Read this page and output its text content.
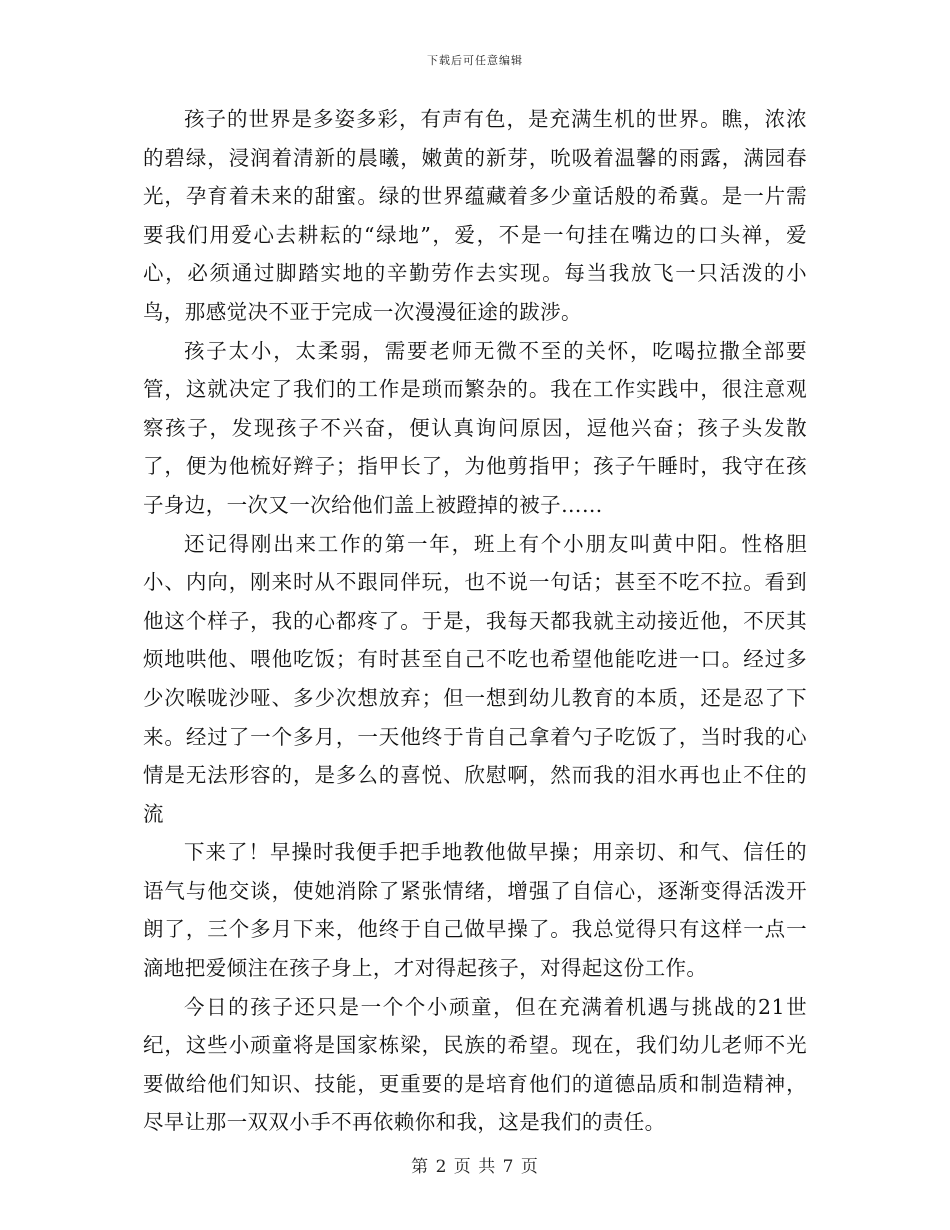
下载后可任意编辑

孩子的世界是多姿多彩，有声有色，是充满生机的世界。瞧，浓浓的碧绿，浸润着清新的晨曦，嫩黄的新芽，吮吸着温馨的雨露，满园春光，孕育着未来的甜蜜。绿的世界蕴藏着多少童话般的希冀。是一片需要我们用爱心去耕耘的“绿地”，爱，不是一句挂在嘴边的口头禅，爱心，必须通过脚踏实地的辛勤劳作去实现。每当我放飞一只活泼的小鸟，那感觉决不亚于完成一次漫漫征途的跋涉。

孩子太小，太柔弱，需要老师无微不至的关怀，吃喝拉撒全部要管，这就决定了我们的工作是琐而繁杂的。我在工作实践中，很注意观察孩子，发现孩子不兴奋，便认真询问原因，逗他兴奋；孩子头发散了，便为他梳好辫子；指甲长了，为他剪指甲；孩子午睡时，我守在孩子身边，一次又一次给他们盖上被蹬掉的被子……

还记得刚出来工作的第一年，班上有个小朋友叫黄中阳。性格胆小、内向，刚来时从不跟同伴玩，也不说一句话；甚至不吃不拉。看到他这个样子，我的心都疼了。于是，我每天都我就主动接近他，不厌其烦地哄他、喂他吃饭；有时甚至自己不吃也希望他能吃进一口。经过多少次喉咙沙哑、多少次想放弃；但一想到幼儿教育的本质，还是忍了下来。经过了一个多月，一天他终于肯自己拿着勺子吃饭了，当时我的心情是无法形容的，是多么的喜悦、欣慰啊，然而我的泪水再也止不住的流

下来了！早操时我便手把手地教他做早操；用亲切、和气、信任的语气与他交谈，使她消除了紧张情绪，增强了自信心，逐渐变得活泼开朗了，三个多月下来，他终于自己做早操了。我总觉得只有这样一点一滴地把爱倾注在孩子身上，才对得起孩子，对得起这份工作。

今日的孩子还只是一个个小顽童，但在充满着机遇与挑战的21世纪，这些小顽童将是国家栋梁，民族的希望。现在，我们幼儿老师不光要做给他们知识、技能，更重要的是培育他们的道德品质和制造精神，尽早让那一双双小手不再依赖你和我，这是我们的责任。

第 2 页 共 7 页
